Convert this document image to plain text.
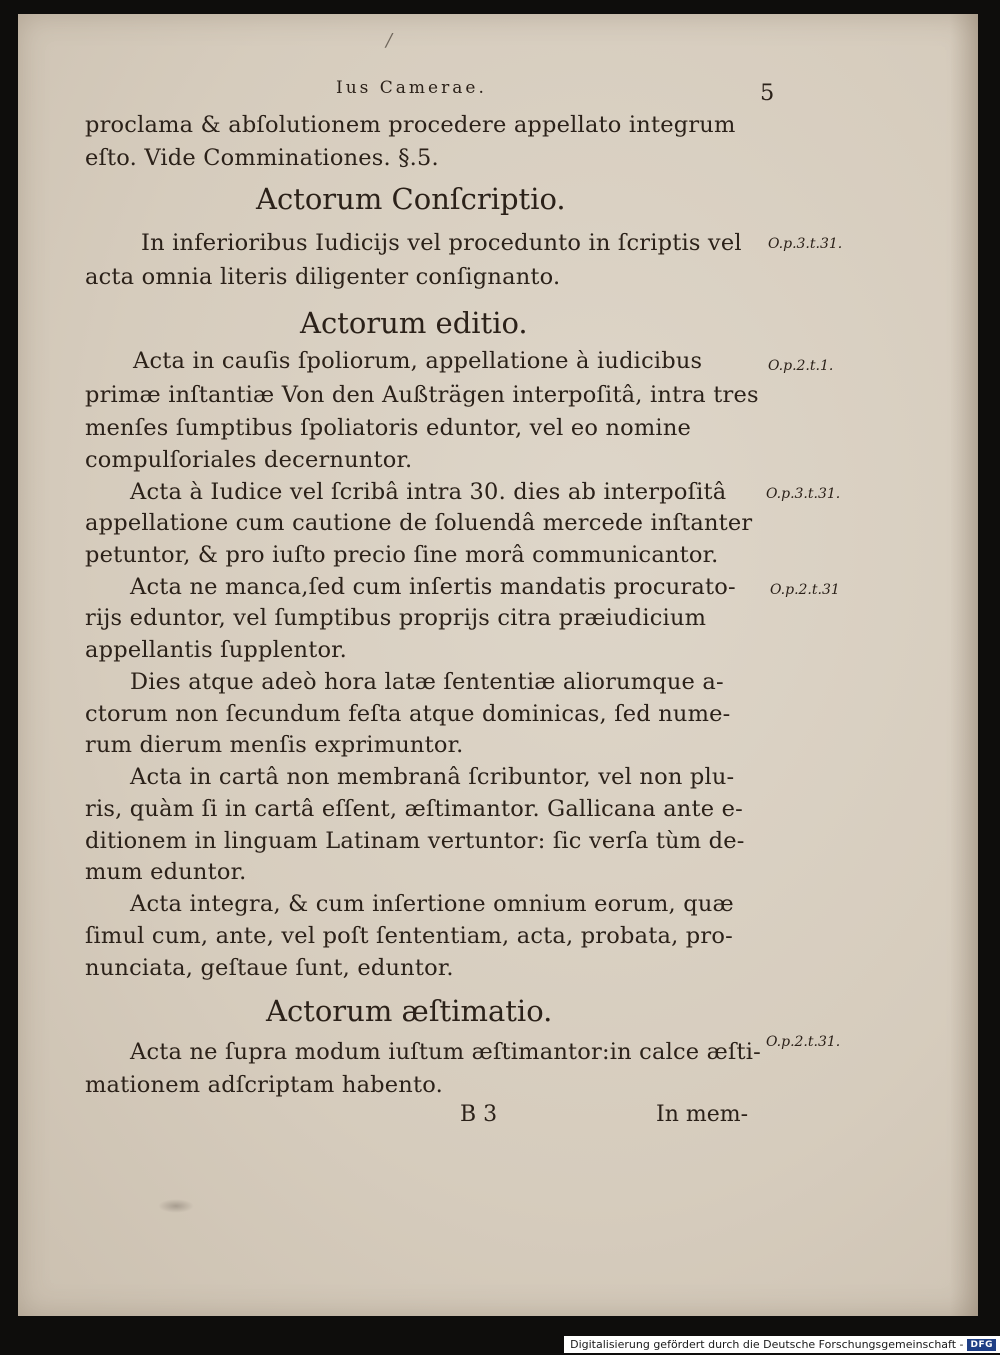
/
Ius Camerae.	5
proclama & abſolutionem procedere appellato integrum
eſto. Vide Comminationes. §.5.
Actorum Conſcriptio.
In inferioribus Iudicijs vel procedunto in ſcriptis vel
acta omnia literis diligenter conſignanto.
Actorum editio.
Acta in cauſis ſpoliorum, appellatione à iudicibus
primæ inſtantiæ Von den Außträgen interpoſitâ, intra tres
menſes ſumptibus ſpoliatoris eduntor, vel eo nomine
compulſoriales decernuntor.
Acta à Iudice vel ſcribâ intra 30. dies ab interpoſitâ
appellatione cum cautione de ſoluendâ mercede inſtanter
petuntor, & pro iuſto precio ſine morâ communicantor.
Acta ne manca,ſed cum inſertis mandatis procurato-
rijs eduntor, vel ſumptibus proprijs citra præiudicium
appellantis ſupplentor.
Dies atque adeò hora latæ ſententiæ aliorumque a-
ctorum non ſecundum feſta atque dominicas, ſed nume-
rum dierum menſis exprimuntor.
Acta in cartâ non membranâ ſcribuntor, vel non plu-
ris, quàm ſi in cartâ eſſent, æſtimantor. Gallicana ante e-
ditionem in linguam Latinam vertuntor: ſic verſa tùm de-
mum eduntor.
Acta integra, & cum inſertione omnium eorum, quæ
ſimul cum, ante, vel poſt ſententiam, acta, probata, pro-
nunciata, geſtaue ſunt, eduntor.
Actorum æſtimatio.
Acta ne ſupra modum iuſtum æſtimantor:in calce æſti-
mationem adſcriptam habento.
O.p.3.t.31.
O.p.2.t.1.
O.p.3.t.31.
O.p.2.t.31
O.p.2.t.31.
B 3	In mem-
Digitalisierung gefördert durch die Deutsche Forschungsgemeinschaft - DFG
